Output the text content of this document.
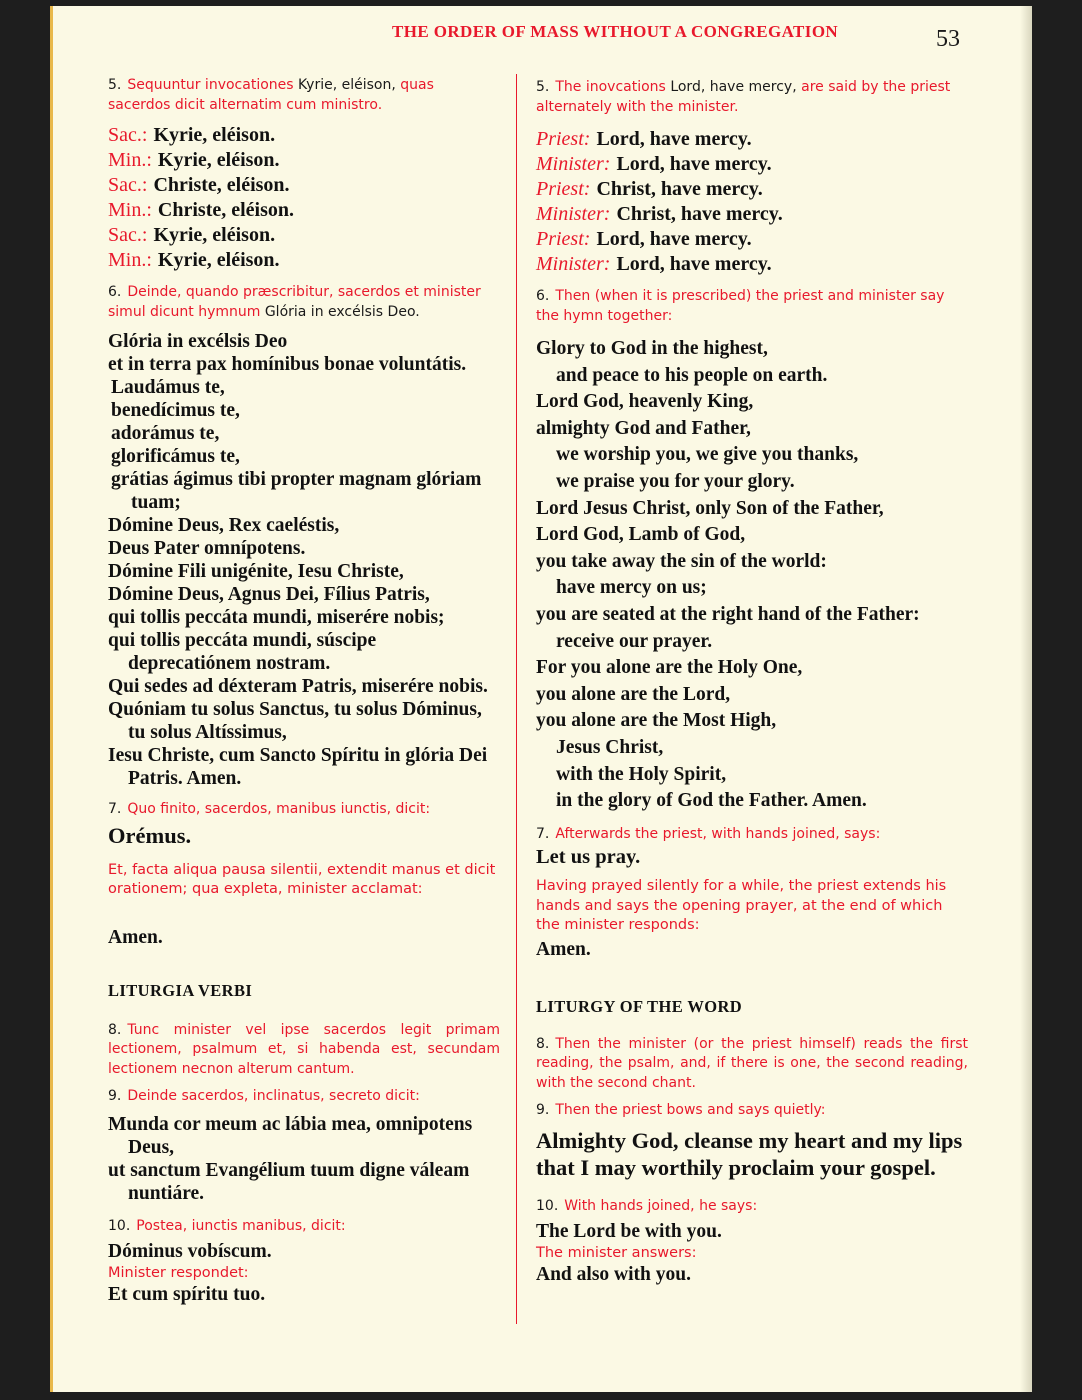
THE ORDER OF MASS WITHOUT A CONGREGATION	53

5. Sequuntur invocationes Kyrie, eléison, quas sacerdos dicit alternatim cum ministro.

Sac.: Kyrie, eléison.

Min.: Kyrie, eléison.

Sac.: Christe, eléison.

Min.: Christe, eléison.

Sac.: Kyrie, eléison.

Min.: Kyrie, eléison.

6. Deinde, quando præscribitur, sacerdos et minister simul dicunt hymnum Glória in excélsis Deo.

Glória in excélsis Deo

et in terra pax homínibus bonae voluntátis.

Laudámus te,

benedícimus te,

adorámus te,

glorificámus te,

grátias ágimus tibi propter magnam glóriam tuam;

Dómine Deus, Rex caeléstis,

Deus Pater omnípotens.

Dómine Fili unigénite, Iesu Christe,

Dómine Deus, Agnus Dei, Fílius Patris,

qui tollis peccáta mundi, miserére nobis;

qui tollis peccáta mundi, súscipe deprecatiónem nostram.

Qui sedes ad déxteram Patris, miserére nobis.

Quóniam tu solus Sanctus, tu solus Dóminus, tu solus Altíssimus,

Iesu Christe, cum Sancto Spíritu in glória Dei Patris. Amen.

7. Quo finito, sacerdos, manibus iunctis, dicit:

Orémus.

Et, facta aliqua pausa silentii, extendit manus et dicit orationem; qua expleta, minister acclamat:

Amen.

LITURGIA VERBI

8. Tunc minister vel ipse sacerdos legit primam lectionem, psalmum et, si habenda est, secundam lectionem necnon alterum cantum.

9. Deinde sacerdos, inclinatus, secreto dicit:

Munda cor meum ac lábia mea, omnipotens Deus,

ut sanctum Evangélium tuum digne váleam nuntiáre.

10. Postea, iunctis manibus, dicit:

Dóminus vobíscum.

Minister respondet:

Et cum spíritu tuo.

5. The inovcations Lord, have mercy, are said by the priest alternately with the minister.

Priest: Lord, have mercy.

Minister: Lord, have mercy.

Priest: Christ, have mercy.

Minister: Christ, have mercy.

Priest: Lord, have mercy.

Minister: Lord, have mercy.

6. Then (when it is prescribed) the priest and minister say the hymn together:

Glory to God in the highest,

and peace to his people on earth.

Lord God, heavenly King,

almighty God and Father,

we worship you, we give you thanks,

we praise you for your glory.

Lord Jesus Christ, only Son of the Father,

Lord God, Lamb of God,

you take away the sin of the world:

have mercy on us;

you are seated at the right hand of the Father:

receive our prayer.

For you alone are the Holy One,

you alone are the Lord,

you alone are the Most High,

Jesus Christ,

with the Holy Spirit,

in the glory of God the Father. Amen.

7. Afterwards the priest, with hands joined, says:

Let us pray.

Having prayed silently for a while, the priest extends his hands and says the opening prayer, at the end of which the minister responds:

Amen.

LITURGY OF THE WORD

8. Then the minister (or the priest himself) reads the first reading, the psalm, and, if there is one, the second reading, with the second chant.

9. Then the priest bows and says quietly:

Almighty God, cleanse my heart and my lips

that I may worthily proclaim your gospel.

10. With hands joined, he says:

The Lord be with you.

The minister answers:

And also with you.
